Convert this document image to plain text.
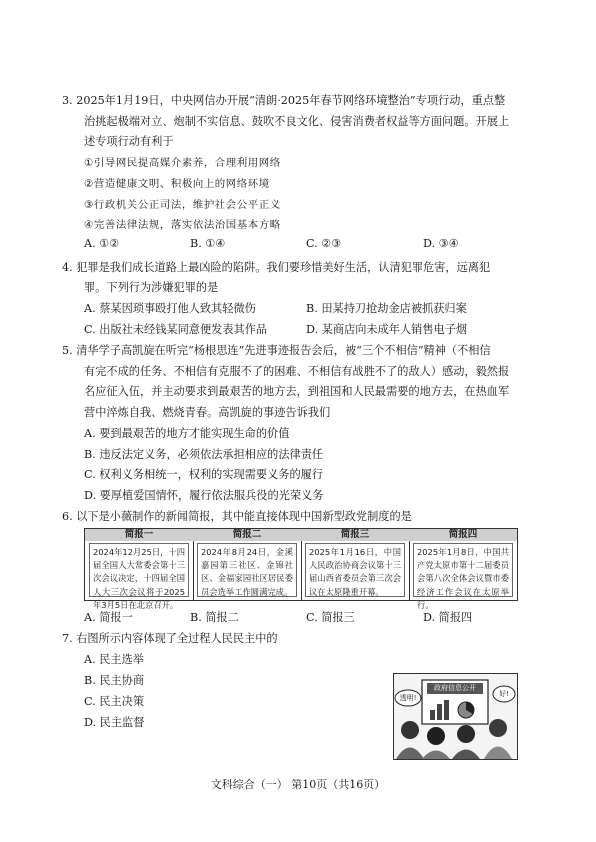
3. 2025年1月19日，中央网信办开展“清朗·2025年春节网络环境整治”专项行动，重点整
治挑起极端对立、炮制不实信息、鼓吹不良文化、侵害消费者权益等方面问题。开展上
述专项行动有利于
①引导网民提高媒介素养，合理利用网络
②营造健康文明、积极向上的网络环境
③行政机关公正司法，维护社会公平正义
④完善法律法规，落实依法治国基本方略
A. ①②	B. ①④	C. ②③	D. ③④
4. 犯罪是我们成长道路上最凶险的陷阱。我们要珍惜美好生活，认清犯罪危害，远离犯
罪。下列行为涉嫌犯罪的是
A. 蔡某因琐事殴打他人致其轻微伤	B. 田某持刀抢劫金店被抓获归案
C. 出版社未经钱某同意便发表其作品	D. 某商店向未成年人销售电子烟
5. 清华学子高凯旋在听完“杨根思连”先进事迹报告会后，被“三个不相信”精神（不相信
有完不成的任务、不相信有克服不了的困难、不相信有战胜不了的敌人）感动，毅然报
名应征入伍，并主动要求到最艰苦的地方去，到祖国和人民最需要的地方去，在热血军
营中淬炼自我、燃烧青春。高凯旋的事迹告诉我们
A. 要到最艰苦的地方才能实现生命的价值
B. 违反法定义务，必须依法承担相应的法律责任
C. 权利义务相统一，权利的实现需要义务的履行
D. 要厚植爱国情怀，履行依法服兵役的光荣义务
6. 以下是小薇制作的新闻简报，其中能直接体现中国新型政党制度的是
简报一
2024年12月25日，十四届全国人大常委会第十三次会议决定，十四届全国人大三次会议将于2025年3月5日在北京召开。
简报二
2024年8月24日，金溪嘉园第三社区、金锦社区、金福家园社区居民委员会选举工作圆满完成。
简报三
2025年1月16日，中国人民政治协商会议第十三届山西省委员会第三次会议在太原隆重开幕。
简报四
2025年1月8日，中国共产党太原市第十二届委员会第八次全体会议暨市委经济工作会议在太原举行。
A. 简报一	B. 简报二	C. 简报三	D. 简报四
7. 右图所示内容体现了全过程人民民主中的
A. 民主选举
B. 民主协商
C. 民主决策
D. 民主监督
政府信息公开
透明!	好!
文科综合（一） 第10页（共16页）
